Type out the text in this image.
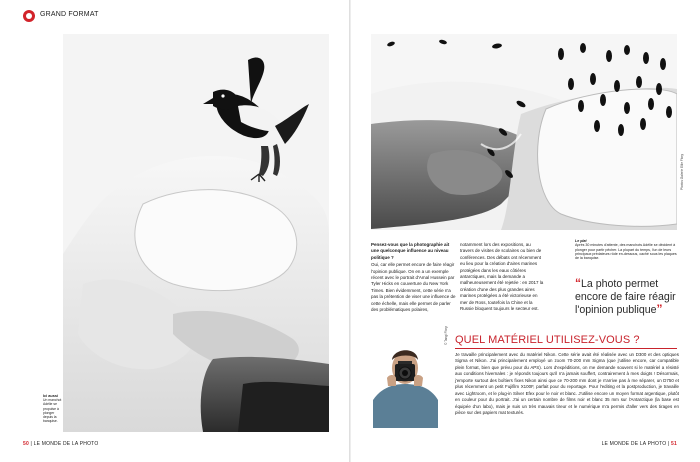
GRAND FORMAT
Ici aussi
Un manchot Adélie se propulse à plonger depuis la banquise.
Photos Galerie Ellie Flory

Pensez-vous que la photographie ait une quelconque influence au niveau politique ?

Oui, car elle permet encore de faire réagir l'opinion publique. On en a un exemple récent avec le portrait d'Amal Hussein par Tyler Hicks en couverture du New York Times. Bien évidemment, cette série n'a pas la prétention de viser une influence de cette échelle, mais elle permet de parler des problématiques polaires,

notamment lors des expositions, au travers de visites de scolaires ou bien de conférences. Des débats ont récemment eu lieu pour la création d'aires marines protégées dans les eaux côtières antarctiques, mais la demande a malheureusement été rejetée : en 2017 la création d'une des plus grandes aires marines protégées a été victorieuse en mer de Ross, toutefois la Chine et la Russie bloquent toujours le secteur est.

Le plat
Après 30 minutes d'attente, des manchots Adélie se décident à plonger pour partir pêcher. La plupart du temps, l'un de leurs principaux prédateurs rôde en-dessous, caché sous les plaques de la banquise.
“La photo permet encore de faire réagir l'opinion publique”
© Tangi Flory QUEL MATÉRIEL UTILISEZ-VOUS ?

Je travaille principalement avec du matériel Nikon. Cette série avait été réalisée avec un D300 et des optiques Sigma et Nikon. J'ai principalement employé un zoom 70-200 mm Sigma (que j'utilise encore, car compatible plein format, bien que prévu pour du APS). Lors d'expéditions, on me demande souvent si le matériel a résisté aux conditions hivernales : je réponds toujours qu'il n'a jamais souffert, contrairement à mes doigts ! Désormais, j'emporte surtout des boîtiers fixes Nikon ainsi que ce 70-200 mm dont je n'arrive pas à me séparer, un D750 et plus récemment un petit Fujifilm X100F, parfait pour du reportage. Pour l'editing et la postproduction, je travaille avec Lightroom, et le plug-in Silver Efex pour le noir et blanc. J'utilise encore un moyen format argentique, plutôt en couleur pour du portrait. J'ai un certain nombre de films noir et blanc 35 mm sur l'Antarctique (la base est équipée d'un labo), mais je suis un très mauvais tireur et le numérique m'a permis d'aller vers des tirages en pièce sur des papiers mat texturés.

50 | LE MONDE DE LA PHOTO	LE MONDE DE LA PHOTO | 51
